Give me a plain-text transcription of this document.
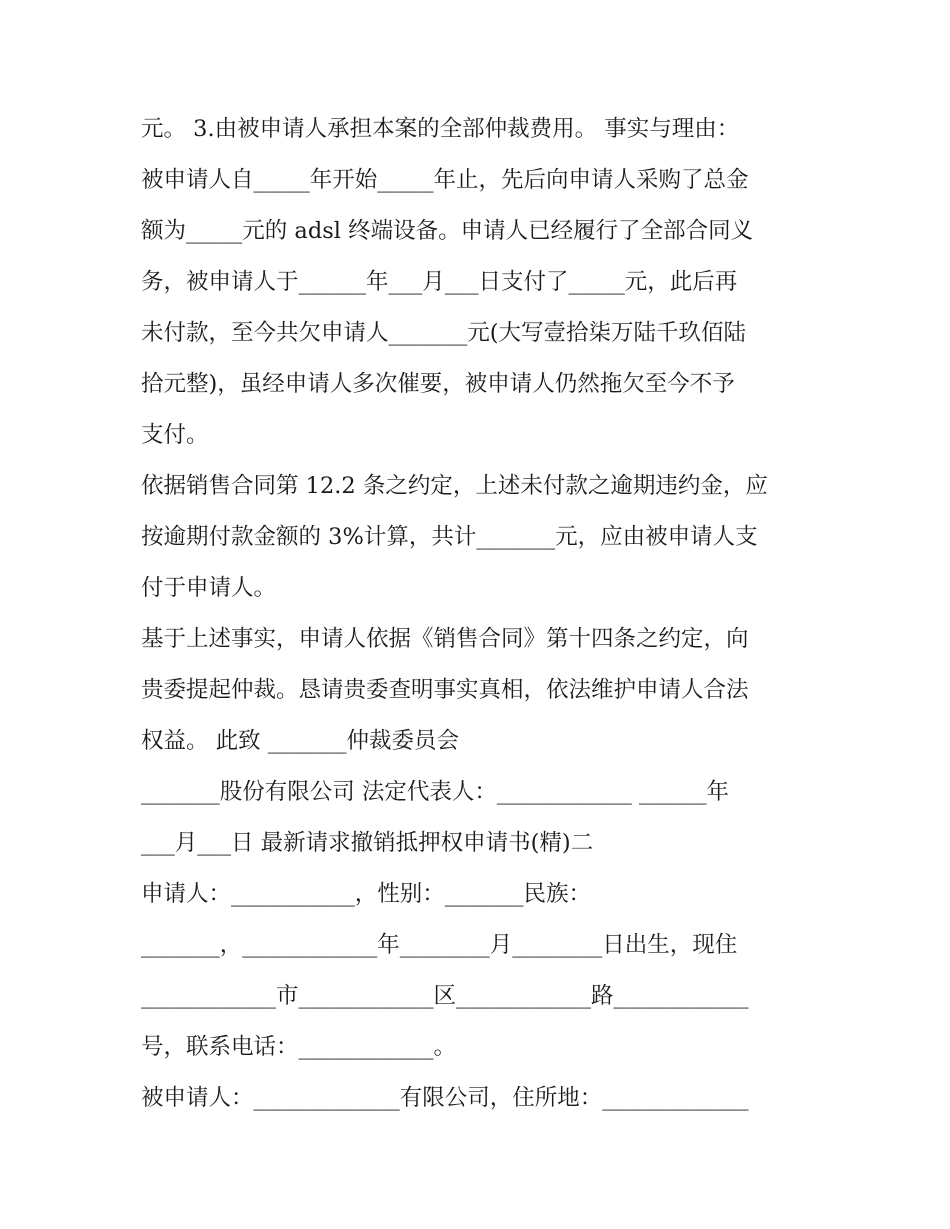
元。 3.由被申请人承担本案的全部仲裁费用。 事实与理由：
被申请人自_____年开始_____年止，先后向申请人采购了总金
额为_____元的 adsl 终端设备。申请人已经履行了全部合同义
务，被申请人于______年___月___日支付了_____元，此后再
未付款，至今共欠申请人_______元(大写壹拾柒万陆千玖佰陆
拾元整)，虽经申请人多次催要，被申请人仍然拖欠至今不予
支付。
依据销售合同第 12.2 条之约定，上述未付款之逾期违约金，应
按逾期付款金额的 3%计算，共计_______元，应由被申请人支
付于申请人。
基于上述事实，申请人依据《销售合同》第十四条之约定，向
贵委提起仲裁。恳请贵委查明事实真相，依法维护申请人合法
权益。 此致 _______仲裁委员会
_______股份有限公司 法定代表人：____________ ______年
___月___日 最新请求撤销抵押权申请书(精)二
申请人：___________，性别：_______民族：
_______，____________年________月________日出生，现住
____________市____________区____________路____________
号，联系电话：____________。
被申请人：_____________有限公司，住所地：_____________
